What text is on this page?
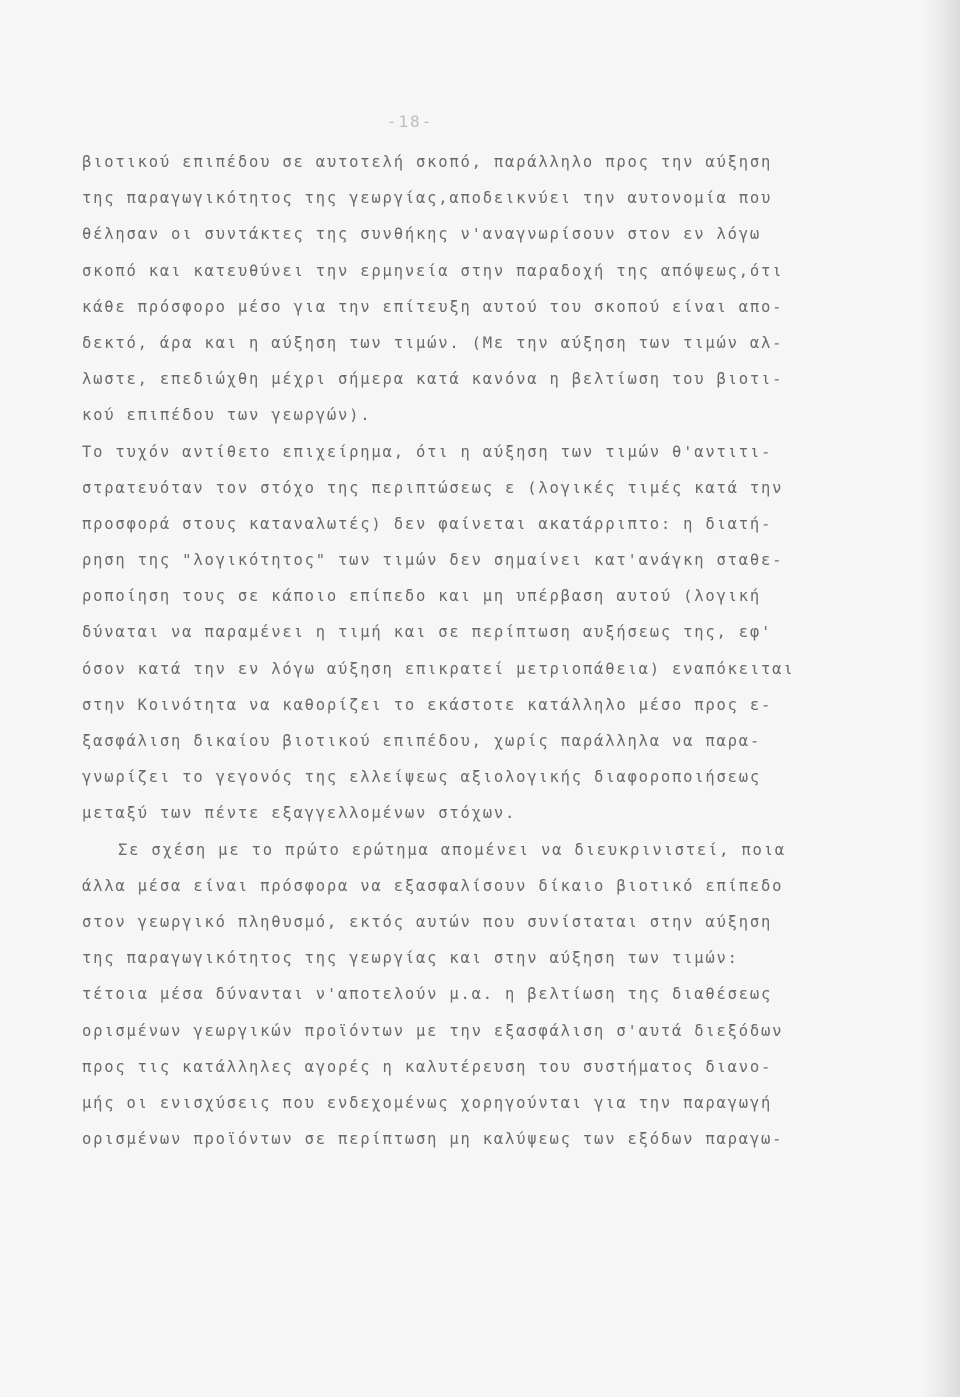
-18-
βιοτικού επιπέδου σε αυτοτελή σκοπό, παράλληλο προς την αύξηση
της παραγωγικότητος της γεωργίας,αποδεικνύει την αυτονομία που
θέλησαν οι συντάκτες της συνθήκης ν'αναγνωρίσουν στον εν λόγω
σκοπό και κατευθύνει την ερμηνεία στην παραδοχή της απόψεως,ότι
κάθε πρόσφορο μέσο για την επίτευξη αυτού του σκοπού είναι απο-
δεκτό, άρα και η αύξηση των τιμών. (Με την αύξηση των τιμών αλ-
λωστε, επεδιώχθη μέχρι σήμερα κατά κανόνα η βελτίωση του βιοτι-
κού επιπέδου των γεωργών).
Το τυχόν αντίθετο επιχείρημα, ότι η αύξηση των τιμών θ'αντιτι-
στρατευόταν τον στόχο της περιπτώσεως ε (λογικές τιμές κατά την
προσφορά στους καταναλωτές) δεν φαίνεται ακατάρριπτο: η διατή-
ρηση της "λογικότητος" των τιμών δεν σημαίνει κατ'ανάγκη σταθε-
ροποίηση τους σε κάποιο επίπεδο και μη υπέρβαση αυτού (λογική
δύναται να παραμένει η τιμή και σε περίπτωση αυξήσεως της, εφ'
όσον κατά την εν λόγω αύξηση επικρατεί μετριοπάθεια) εναπόκειται
στην Κοινότητα να καθορίζει το εκάστοτε κατάλληλο μέσο προς ε-
ξασφάλιση δικαίου βιοτικού επιπέδου, χωρίς παράλληλα να παρα-
γνωρίζει το γεγονός της ελλείψεως αξιολογικής διαφοροποιήσεως
μεταξύ των πέντε εξαγγελλομένων στόχων.
Σε σχέση με το πρώτο ερώτημα απομένει να διευκρινιστεί, ποια
άλλα μέσα είναι πρόσφορα να εξασφαλίσουν δίκαιο βιοτικό επίπεδο
στον γεωργικό πληθυσμό, εκτός αυτών που συνίσταται στην αύξηση
της παραγωγικότητος της γεωργίας και στην αύξηση των τιμών:
τέτοια μέσα δύνανται ν'αποτελούν μ.α. η βελτίωση της διαθέσεως
ορισμένων γεωργικών προϊόντων με την εξασφάλιση σ'αυτά διεξόδων
προς τις κατάλληλες αγορές η καλυτέρευση του συστήματος διανο-
μής οι ενισχύσεις που ενδεχομένως χορηγούνται για την παραγωγή
ορισμένων προϊόντων σε περίπτωση μη καλύψεως των εξόδων παραγω-
